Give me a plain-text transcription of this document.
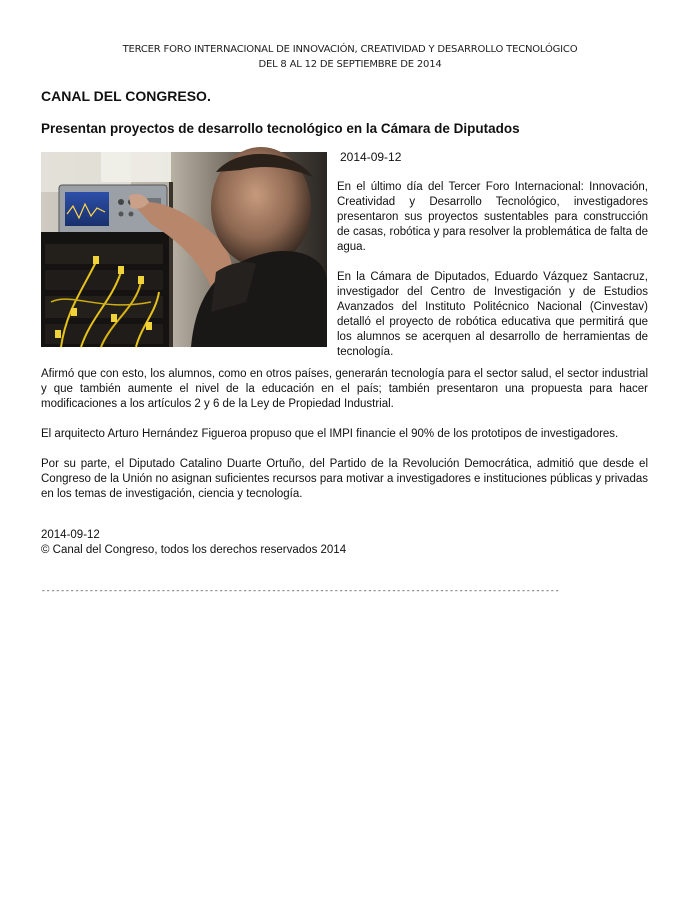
TERCER FORO INTERNACIONAL DE INNOVACIÓN, CREATIVIDAD Y DESARROLLO TECNOLÓGICO
DEL 8 AL 12 DE SEPTIEMBRE DE 2014
CANAL DEL CONGRESO.
Presentan proyectos de desarrollo tecnológico en la Cámara de Diputados
2014-09-12

En el último día del Tercer Foro Internacional: Innovación, Creatividad y Desarrollo Tecnológico, investigadores presentaron sus proyectos sustentables para construcción de casas, robótica y para resolver la problemática de falta de agua.

En la Cámara de Diputados, Eduardo Vázquez Santacruz, investigador del Centro de Investigación y de Estudios Avanzados del Instituto Politécnico Nacional (Cinvestav) detalló el proyecto de robótica educativa que permitirá que los alumnos se acerquen al desarrollo de herramientas de tecnología.

Afirmó que con esto, los alumnos, como en otros países, generarán tecnología para el sector salud, el sector industrial y que también aumente el nivel de la educación en el país; también presentaron una propuesta para hacer modificaciones a los artículos 2 y 6 de la Ley de Propiedad Industrial.

El arquitecto Arturo Hernández Figueroa propuso que el IMPI financie el 90% de los prototipos de investigadores.

Por su parte, el Diputado Catalino Duarte Ortuño, del Partido de la Revolución Democrática, admitió que desde el Congreso de la Unión no asignan suficientes recursos para motivar a investigadores e instituciones públicas y privadas en los temas de investigación, ciencia y tecnología.

2014-09-12
© Canal del Congreso, todos los derechos reservados 2014
------------------------------------------------------------------------------------------------------------
